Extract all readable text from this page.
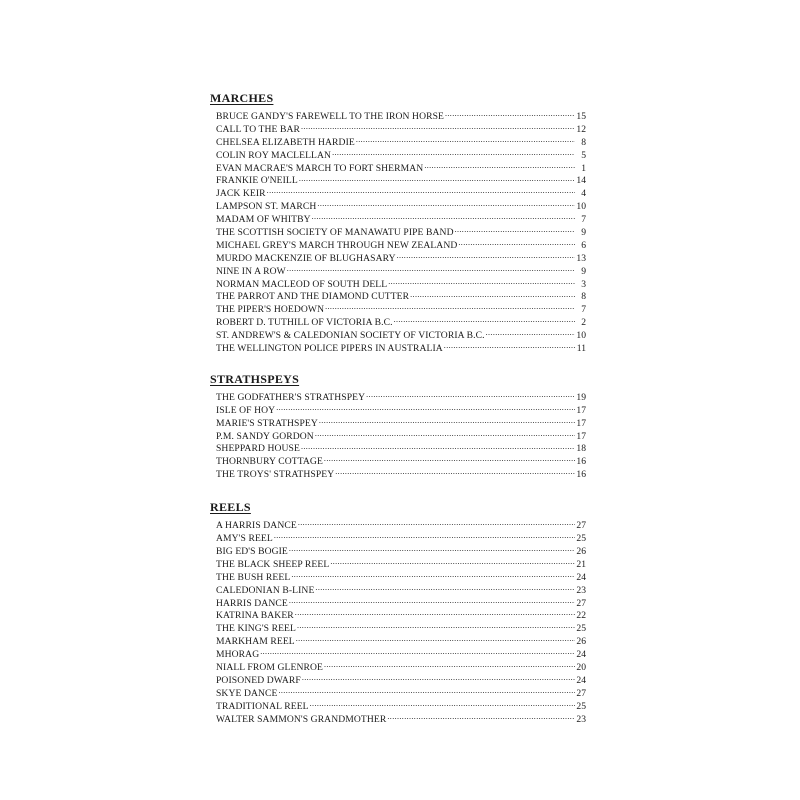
MARCHES
BRUCE GANDY'S FAREWELL TO THE IRON HORSE .....	15
CALL TO THE BAR .....	12
CHELSEA ELIZABETH HARDIE .....	8
COLIN ROY MACLELLAN .....	5
EVAN MACRAE'S MARCH TO FORT SHERMAN .....	1
FRANKIE O'NEILL .....	14
JACK KEIR .....	4
LAMPSON ST. MARCH .....	10
MADAM OF WHITBY .....	7
THE SCOTTISH SOCIETY OF MANAWATU PIPE BAND .....	9
MICHAEL GREY'S MARCH THROUGH NEW ZEALAND .....	6
MURDO MACKENZIE OF BLUGHASARY .....	13
NINE IN A ROW .....	9
NORMAN MACLEOD OF SOUTH DELL .....	3
THE PARROT AND THE DIAMOND CUTTER .....	8
THE PIPER'S HOEDOWN .....	7
ROBERT D. TUTHILL OF VICTORIA B.C. .....	2
ST. ANDREW'S & CALEDONIAN SOCIETY OF VICTORIA B.C. .....	10
THE WELLINGTON POLICE PIPERS IN AUSTRALIA .....	11
STRATHSPEYS
THE GODFATHER'S STRATHSPEY .....	19
ISLE OF HOY .....	17
MARIE'S STRATHSPEY .....	17
P.M. SANDY GORDON .....	17
SHEPPARD HOUSE .....	18
THORNBURY COTTAGE .....	16
THE TROYS' STRATHSPEY .....	16
REELS
A HARRIS DANCE .....	27
AMY'S REEL .....	25
BIG ED'S BOGIE .....	26
THE BLACK SHEEP REEL .....	21
THE BUSH REEL .....	24
CALEDONIAN B-LINE .....	23
HARRIS DANCE .....	27
KATRINA BAKER .....	22
THE KING'S REEL .....	25
MARKHAM REEL .....	26
MHORAG .....	24
NIALL FROM GLENROE .....	20
POISONED DWARF .....	24
SKYE DANCE .....	27
TRADITIONAL REEL .....	25
WALTER SAMMON'S GRANDMOTHER .....	23
